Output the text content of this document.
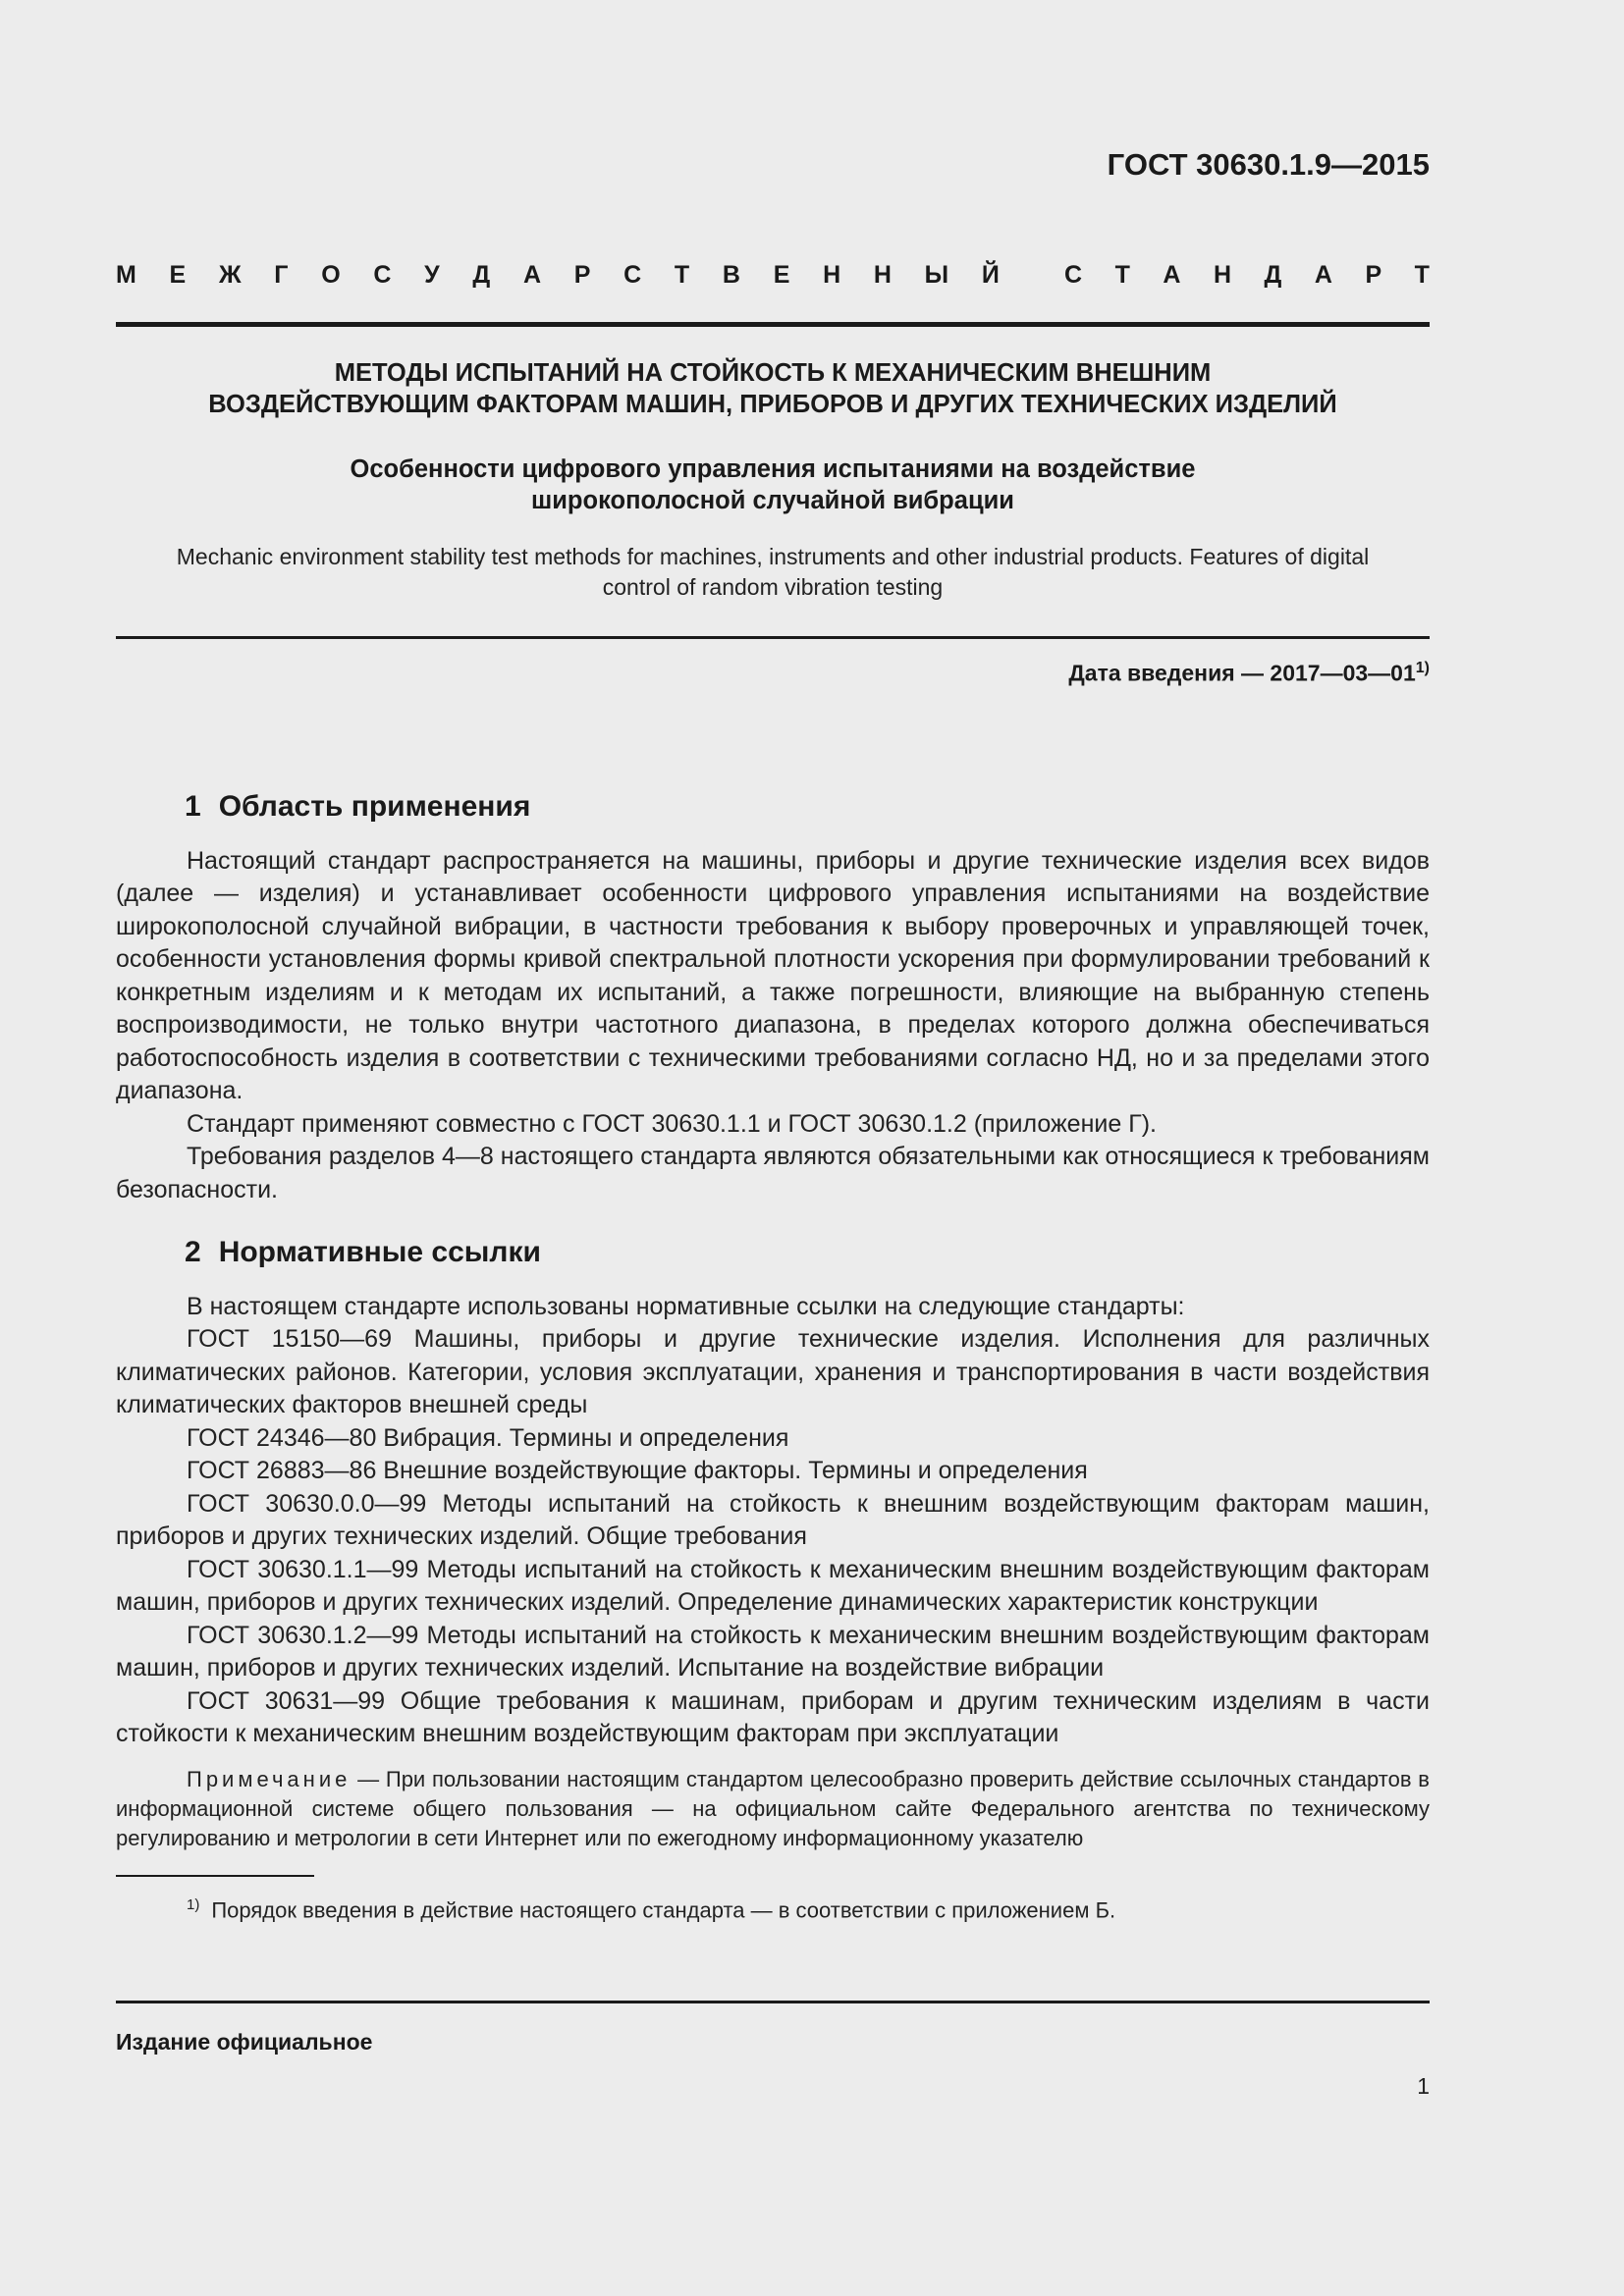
ГОСТ 30630.1.9—2015
М Е Ж Г О С У Д А Р С Т В Е Н Н Ы Й	С Т А Н Д А Р Т
МЕТОДЫ ИСПЫТАНИЙ НА СТОЙКОСТЬ К МЕХАНИЧЕСКИМ ВНЕШНИМ
ВОЗДЕЙСТВУЮЩИМ ФАКТОРАМ МАШИН, ПРИБОРОВ И ДРУГИХ ТЕХНИЧЕСКИХ ИЗДЕЛИЙ
Особенности цифрового управления испытаниями на воздействие
широкополосной случайной вибрации
Mechanic environment stability test methods for machines, instruments and other industrial products. Features of digital
control of random vibration testing
Дата введения — 2017—03—01$^{1)}$
1 Область применения

Настоящий стандарт распространяется на машины, приборы и другие технические изделия всех видов (далее — изделия) и устанавливает особенности цифрового управления испытаниями на воздействие широкополосной случайной вибрации, в частности требования к выбору проверочных и управляющей точек, особенности установления формы кривой спектральной плотности ускорения при формулировании требований к конкретным изделиям и к методам их испытаний, а также погрешности, влияющие на выбранную степень воспроизводимости, не только внутри частотного диапазона, в пределах которого должна обеспечиваться работоспособность изделия в соответствии с техническими требованиями согласно НД, но и за пределами этого диапазона.

Стандарт применяют совместно с ГОСТ 30630.1.1 и ГОСТ 30630.1.2 (приложение Г).

Требования разделов 4—8 настоящего стандарта являются обязательными как относящиеся к требованиям безопасности.

2 Нормативные ссылки

В настоящем стандарте использованы нормативные ссылки на следующие стандарты:

ГОСТ 15150—69 Машины, приборы и другие технические изделия. Исполнения для различных климатических районов. Категории, условия эксплуатации, хранения и транспортирования в части воздействия климатических факторов внешней среды

ГОСТ 24346—80 Вибрация. Термины и определения

ГОСТ 26883—86 Внешние воздействующие факторы. Термины и определения

ГОСТ 30630.0.0—99 Методы испытаний на стойкость к внешним воздействующим факторам машин, приборов и других технических изделий. Общие требования

ГОСТ 30630.1.1—99 Методы испытаний на стойкость к механическим внешним воздействующим факторам машин, приборов и других технических изделий. Определение динамических характеристик конструкции

ГОСТ 30630.1.2—99 Методы испытаний на стойкость к механическим внешним воздействующим факторам машин, приборов и других технических изделий. Испытание на воздействие вибрации

ГОСТ 30631—99 Общие требования к машинам, приборам и другим техническим изделиям в части стойкости к механическим внешним воздействующим факторам при эксплуатации

Примечание — При пользовании настоящим стандартом целесообразно проверить действие ссылочных стандартов в информационной системе общего пользования — на официальном сайте Федерального агентства по техническому регулированию и метрологии в сети Интернет или по ежегодному информационному указателю

$^{1)}$ Порядок введения в действие настоящего стандарта — в соответствии с приложением Б.
Издание официальное
1
